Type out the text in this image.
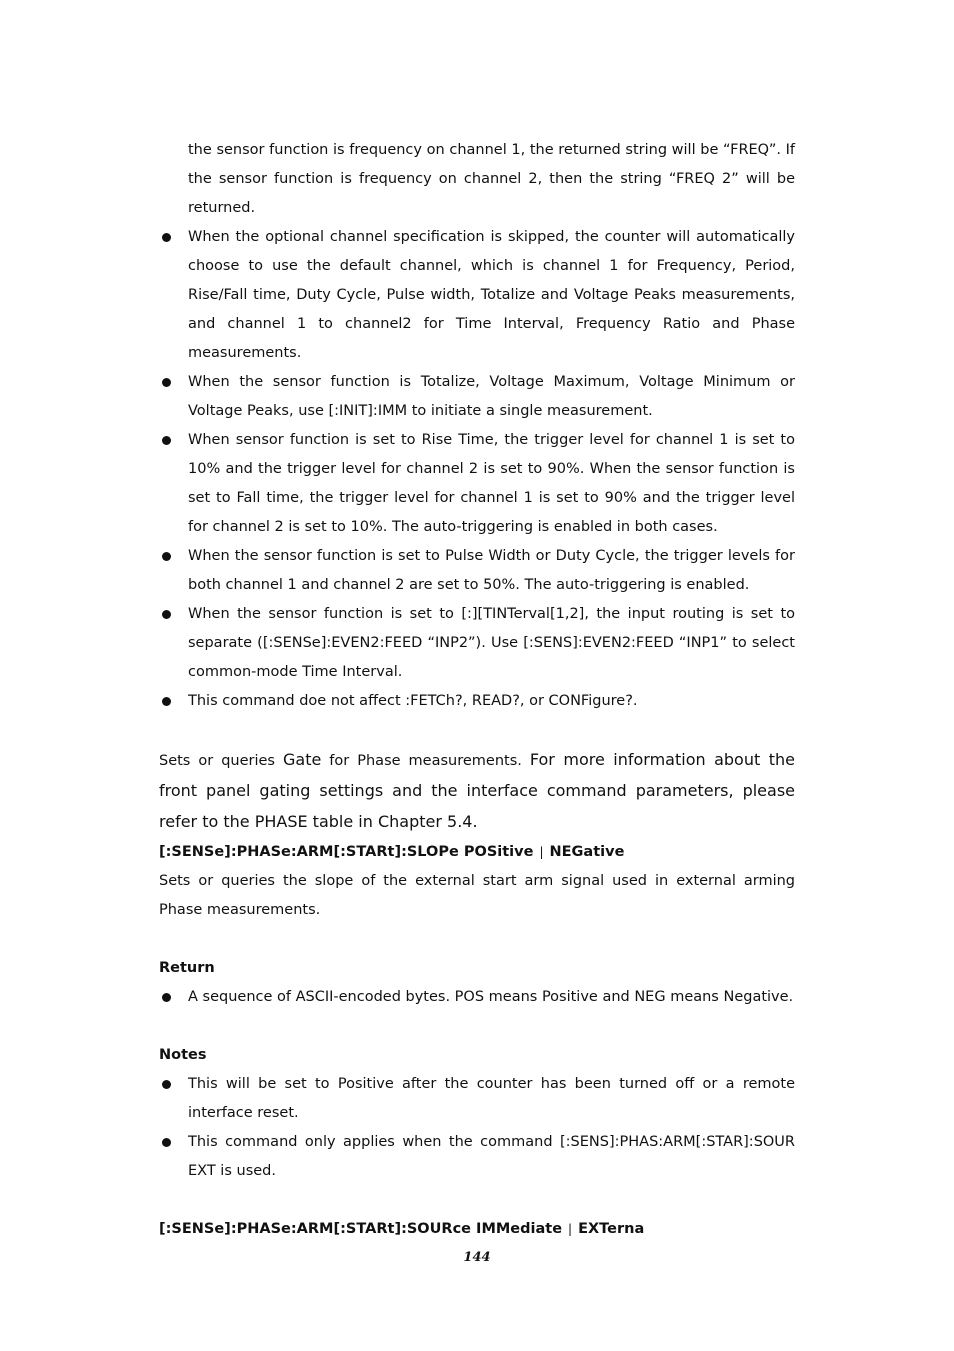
the sensor function is frequency on channel 1, the returned string will be “FREQ”. If the sensor function is frequency on channel 2, then the string “FREQ 2” will be returned.
When the optional channel specification is skipped, the counter will automatically choose to use the default channel, which is channel 1 for Frequency, Period, Rise/Fall time, Duty Cycle, Pulse width, Totalize and Voltage Peaks measurements, and channel 1 to channel2 for Time Interval, Frequency Ratio and Phase measurements.
When the sensor function is Totalize, Voltage Maximum, Voltage Minimum or Voltage Peaks, use [:INIT]:IMM to initiate a single measurement.
When sensor function is set to Rise Time, the trigger level for channel 1 is set to 10% and the trigger level for channel 2 is set to 90%. When the sensor function is set to Fall time, the trigger level for channel 1 is set to 90% and the trigger level for channel 2 is set to 10%. The auto-triggering is enabled in both cases.
When the sensor function is set to Pulse Width or Duty Cycle, the trigger levels for both channel 1 and channel 2 are set to 50%. The auto-triggering is enabled.
When the sensor function is set to [:][TINTerval[1,2], the input routing is set to separate ([:SENSe]:EVEN2:FEED “INP2”). Use [:SENS]:EVEN2:FEED “INP1” to select common-mode Time Interval.
This command doe not affect :FETCh?, READ?, or CONFigure?.
Sets or queries Gate for Phase measurements. For more information about the front panel gating settings and the interface command parameters, please refer to the PHASE table in Chapter 5.4.
[:SENSe]:PHASe:ARM[:STARt]:SLOPe POSitive | NEGative
Sets or queries the slope of the external start arm signal used in external arming Phase measurements.
Return
A sequence of ASCII-encoded bytes. POS means Positive and NEG means Negative.
Notes
This will be set to Positive after the counter has been turned off or a remote interface reset.
This command only applies when the command [:SENS]:PHAS:ARM[:STAR]:SOUR EXT is used.
[:SENSe]:PHASe:ARM[:STARt]:SOURce IMMediate | EXTerna
144
